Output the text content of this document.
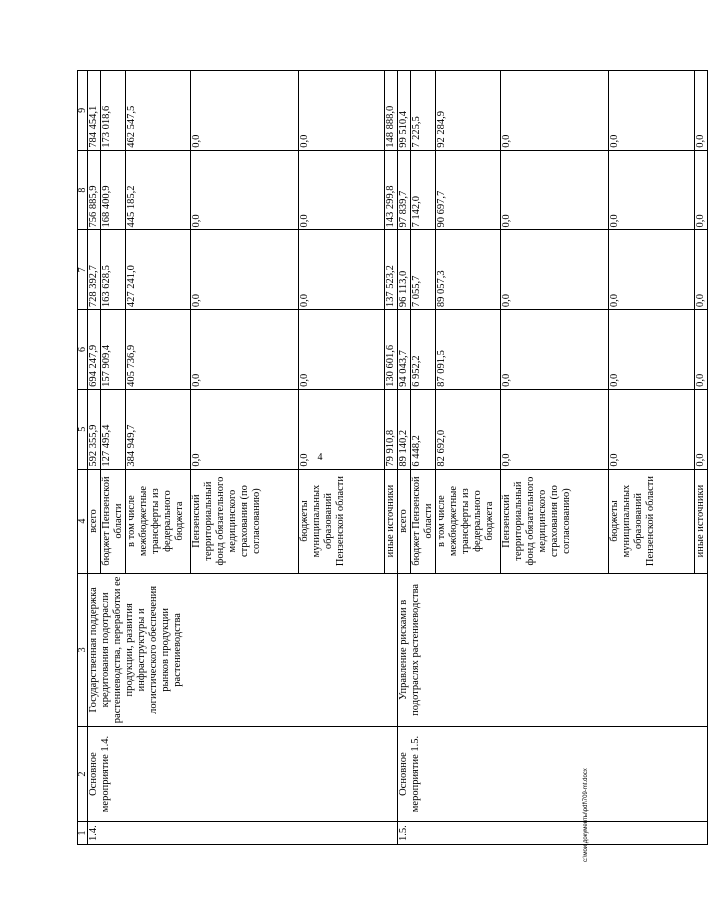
4
c:\мои документы\pdf\709-mt.docx
1	2	3	4	5	6	7	8	9
1.4.	Основное мероприятие 1.4.	Государственная поддержка кредитования подотрасли растениеводства, переработки ее продукции, развития инфраструктуры и логистического обеспечения рынков продукции растениеводства	всего	592 355,9	694 247,9	728 392,7	756 885,9	784 454,1
			бюджет Пензенской области	127 495,4	157 909,4	163 628,5	168 400,9	173 018,6
			в том числе межбюджетные трансферты из федерального бюджета	384 949,7	405 736,9	427 241,0	445 185,2	462 547,5
			Пензенский территориальный фонд обязательного медицинского страхования (по согласованию)	0,0	0,0	0,0	0,0	0,0
			бюджеты муниципальных образований Пензенской области	0,0	0,0	0,0	0,0	0,0
			иные источники	79 910,8	130 601,6	137 523,2	143 299,8	148 888,0
1.5.	Основное мероприятие 1.5.	Управление рисками в подотраслях растениеводства	всего	89 140,2	94 043,7	96 113,0	97 839,7	99 510,4
			бюджет Пензенской области	6 448,2	6 952,2	7 055,7	7 142,0	7 225,5
			в том числе межбюджетные трансферты из федерального бюджета	82 692,0	87 091,5	89 057,3	90 697,7	92 284,9
			Пензенский территориальный фонд обязательного медицинского страхования (по согласованию)	0,0	0,0	0,0	0,0	0,0
			бюджеты муниципальных образований Пензенской области	0,0	0,0	0,0	0,0	0,0
			иные источники	0,0	0,0	0,0	0,0	0,0
